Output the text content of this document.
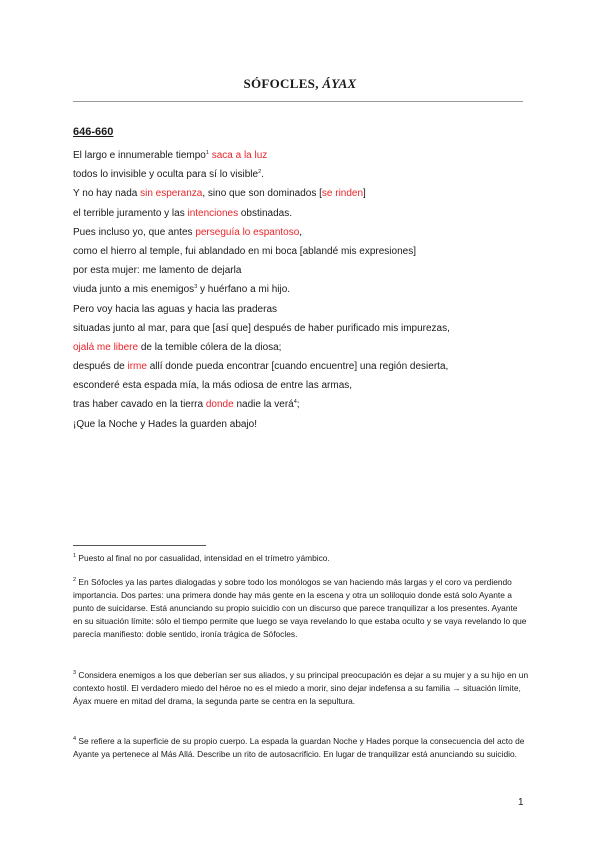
SÓFOCLES, ÁYAX
646-660
El largo e innumerable tiempo$^1$ saca a la luz
todos lo invisible y oculta para sí lo visible$^2$.
Y no hay nada sin esperanza, sino que son dominados [se rinden]
el terrible juramento y las intenciones obstinadas.
Pues incluso yo, que antes perseguía lo espantoso,
como el hierro al temple, fui ablandado en mi boca [ablandé mis expresiones]
por esta mujer: me lamento de dejarla
viuda junto a mis enemigos$^3$ y huérfano a mi hijo.
Pero voy hacia las aguas y hacia las praderas
situadas junto al mar, para que [así que] después de haber purificado mis impurezas,
ojalá me libere de la temible cólera de la diosa;
después de irme allí donde pueda encontrar [cuando encuentre] una región desierta,
esconderé esta espada mía, la más odiosa de entre las armas,
tras haber cavado en la tierra donde nadie la verá$^4$;
¡Que la Noche y Hades la guarden abajo!
$^1$ Puesto al final no por casualidad, intensidad en el trímetro yámbico.
$^2$ En Sófocles ya las partes dialogadas y sobre todo los monólogos se van haciendo más largas y el coro va perdiendo importancia. Dos partes: una primera donde hay más gente en la escena y otra un soliloquio donde está solo Ayante a punto de suicidarse. Está anunciando su propio suicidio con un discurso que parece tranquilizar a los presentes. Ayante en su situación límite: sólo el tiempo permite que luego se vaya revelando lo que estaba oculto y se vaya revelando lo que parecía manifiesto: doble sentido, ironía trágica de Sófocles.
$^3$ Considera enemigos a los que deberían ser sus aliados, y su principal preocupación es dejar a su mujer y a su hijo en un contexto hostil. El verdadero miedo del héroe no es el miedo a morir, sino dejar indefensa a su familia → situación límite, Áyax muere en mitad del drama, la segunda parte se centra en la sepultura.
$^4$ Se refiere a la superficie de su propio cuerpo. La espada la guardan Noche y Hades porque la consecuencia del acto de Ayante ya pertenece al Más Allá. Describe un rito de autosacrificio. En lugar de tranquilizar está anunciando su suicidio.
1
